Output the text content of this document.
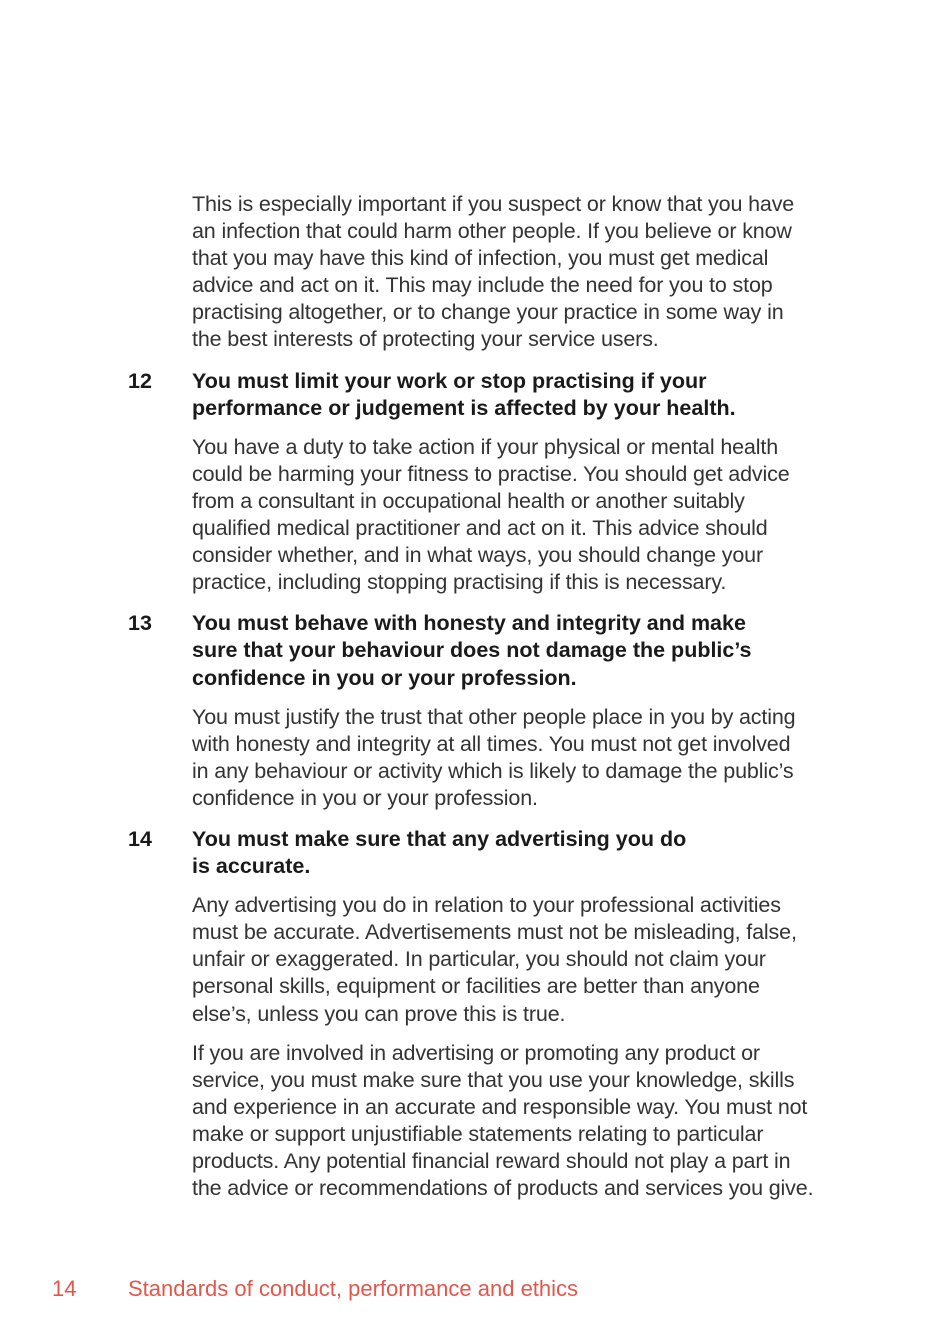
This is especially important if you suspect or know that you have
an infection that could harm other people. If you believe or know
that you may have this kind of infection, you must get medical
advice and act on it. This may include the need for you to stop
practising altogether, or to change your practice in some way in
the best interests of protecting your service users.

12 You must limit your work or stop practising if your
performance or judgement is affected by your health.

You have a duty to take action if your physical or mental health
could be harming your fitness to practise. You should get advice
from a consultant in occupational health or another suitably
qualified medical practitioner and act on it. This advice should
consider whether, and in what ways, you should change your
practice, including stopping practising if this is necessary.

13 You must behave with honesty and integrity and make
sure that your behaviour does not damage the public’s
confidence in you or your profession.

You must justify the trust that other people place in you by acting
with honesty and integrity at all times. You must not get involved
in any behaviour or activity which is likely to damage the public’s
confidence in you or your profession.

14 You must make sure that any advertising you do
is accurate.

Any advertising you do in relation to your professional activities
must be accurate. Advertisements must not be misleading, false,
unfair or exaggerated. In particular, you should not claim your
personal skills, equipment or facilities are better than anyone
else’s, unless you can prove this is true.

If you are involved in advertising or promoting any product or
service, you must make sure that you use your knowledge, skills
and experience in an accurate and responsible way. You must not
make or support unjustifiable statements relating to particular
products. Any potential financial reward should not play a part in
the advice or recommendations of products and services you give.

14 Standards of conduct, performance and ethics
